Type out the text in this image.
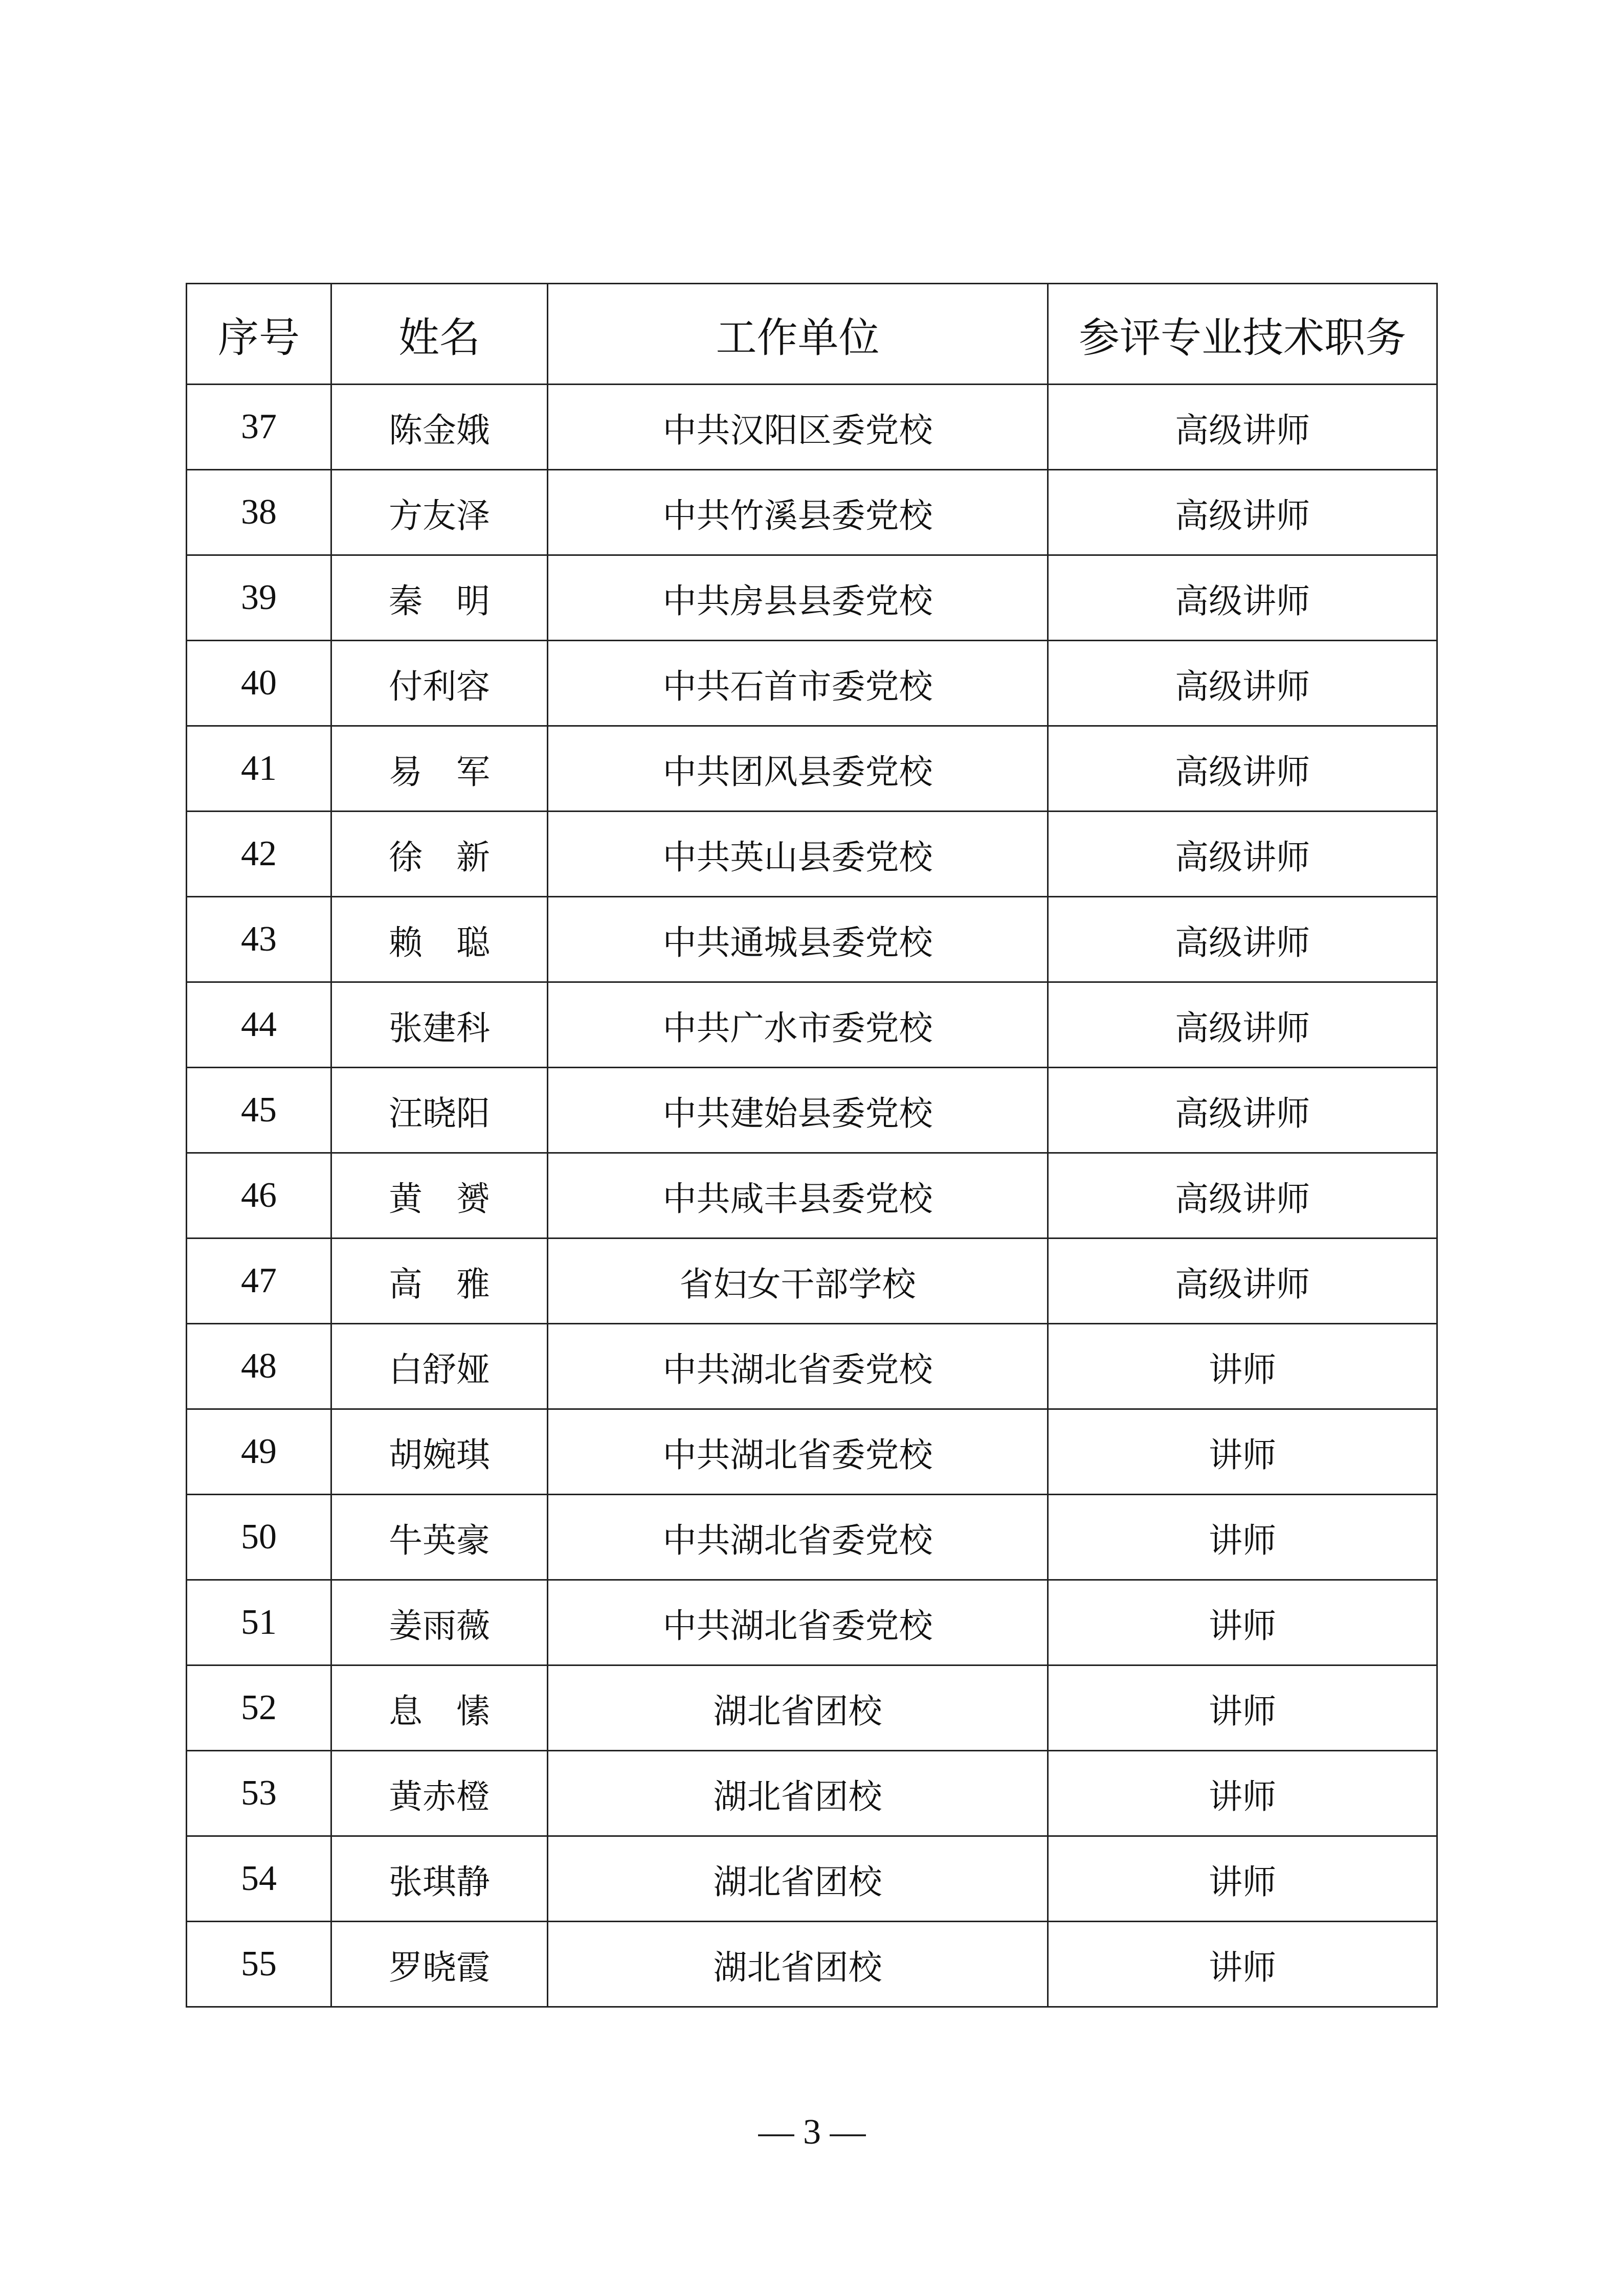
序号	姓名	工作单位	参评专业技术职务
37	陈金娥	中共汉阳区委党校	高级讲师
38	方友泽	中共竹溪县委党校	高级讲师
39	秦　明	中共房县县委党校	高级讲师
40	付利容	中共石首市委党校	高级讲师
41	易　军	中共团风县委党校	高级讲师
42	徐　新	中共英山县委党校	高级讲师
43	赖　聪	中共通城县委党校	高级讲师
44	张建科	中共广水市委党校	高级讲师
45	汪晓阳	中共建始县委党校	高级讲师
46	黄　赟	中共咸丰县委党校	高级讲师
47	高　雅	省妇女干部学校	高级讲师
48	白舒娅	中共湖北省委党校	讲师
49	胡婉琪	中共湖北省委党校	讲师
50	牛英豪	中共湖北省委党校	讲师
51	姜雨薇	中共湖北省委党校	讲师
52	息　愫	湖北省团校	讲师
53	黄赤橙	湖北省团校	讲师
54	张琪静	湖北省团校	讲师
55	罗晓霞	湖北省团校	讲师
— 3 —
